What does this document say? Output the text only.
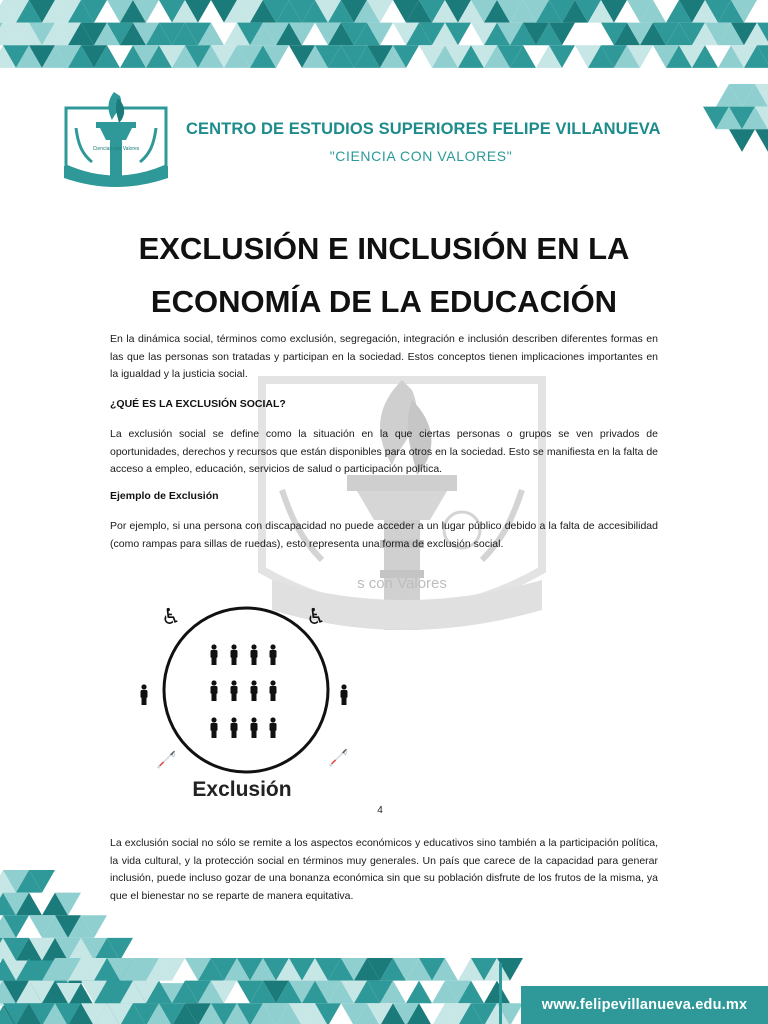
s con Valores
Ciencias con Valores
CENTRO DE ESTUDIOS SUPERIORES FELIPE VILLANUEVA
"CIENCIA CON VALORES"
EXCLUSIÓN E INCLUSIÓN EN LA
ECONOMÍA DE LA EDUCACIÓN

En la dinámica social, términos como exclusión, segregación, integración e inclusión describen diferentes formas en las que las personas son tratadas y participan en la sociedad. Estos conceptos tienen implicaciones importantes en la igualdad y la justicia social.

¿QUÉ ES LA EXCLUSIÓN SOCIAL?

La exclusión social se define como la situación en la que ciertas personas o grupos se ven privados de oportunidades, derechos y recursos que están disponibles para otros en la sociedad. Esto se manifiesta en la falta de acceso a empleo, educación, servicios de salud o participación política.

Ejemplo de Exclusión

Por ejemplo, si una persona con discapacidad no puede acceder a un lugar público debido a la falta de accesibilidad (como rampas para sillas de ruedas), esto representa una forma de exclusión social.

♿	♿
🦯	🦯
Exclusión
4

La exclusión social no sólo se remite a los aspectos económicos y educativos sino también a la participación política, la vida cultural, y la protección social en términos muy generales. Un país que carece de la capacidad para generar inclusión, puede incluso gozar de una bonanza económica sin que su población disfrute de los frutos de la misma, ya que el bienestar no se reparte de manera equitativa.

www.felipevillanueva.edu.mx
